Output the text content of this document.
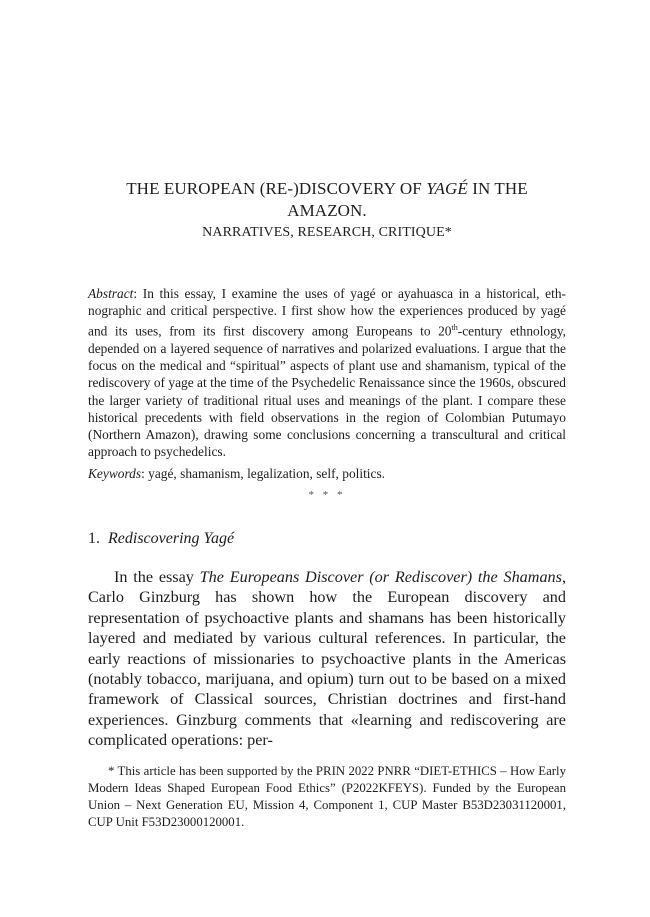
THE EUROPEAN (RE-)DISCOVERY OF YAGÉ IN THE AMAZON.
NARRATIVES, RESEARCH, CRITIQUE*
Abstract: In this essay, I examine the uses of yagé or ayahuasca in a historical, ethnographic and critical perspective. I first show how the experiences produced by yagé and its uses, from its first discovery among Europeans to 20th-century ethnology, depended on a layered sequence of narratives and polarized evaluations. I argue that the focus on the medical and “spiritual” aspects of plant use and shamanism, typical of the rediscovery of yage at the time of the Psychedelic Renaissance since the 1960s, obscured the larger variety of traditional ritual uses and meanings of the plant. I compare these historical precedents with field observations in the region of Colombian Putumayo (Northern Amazon), drawing some conclusions concerning a transcultural and critical approach to psychedelics.
Keywords: yagé, shamanism, legalization, self, politics.
* * *
1. Rediscovering Yagé
In the essay The Europeans Discover (or Rediscover) the Shamans, Carlo Ginzburg has shown how the European discovery and representation of psychoactive plants and shamans has been historically layered and mediated by various cultural references. In particular, the early reactions of missionaries to psychoactive plants in the Americas (notably tobacco, marijuana, and opium) turn out to be based on a mixed framework of Classical sources, Christian doctrines and first-hand experiences. Ginzburg comments that «learning and rediscovering are complicated operations: per-
* This article has been supported by the PRIN 2022 PNRR “DIET-ETHICS – How Early Modern Ideas Shaped European Food Ethics” (P2022KFEYS). Funded by the European Union – Next Generation EU, Mission 4, Component 1, CUP Master B53D23031120001, CUP Unit F53D23000120001.
